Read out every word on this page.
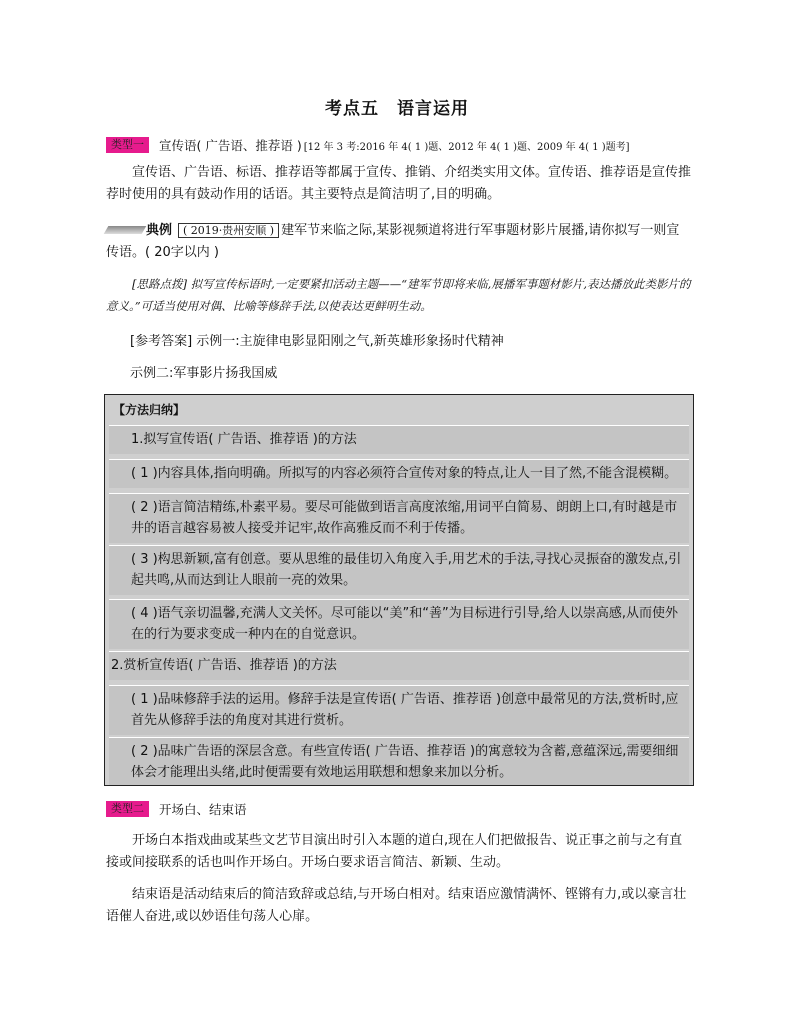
考点五　语言运用
类型一	宣传语( 广告语、推荐语 ) [12 年 3 考:2016 年 4( 1 )题、2012 年 4( 1 )题、2009 年 4( 1 )题考]
宣传语、广告语、标语、推荐语等都属于宣传、推销、介绍类实用文体。宣传语、推荐语是宣传推荐时使用的具有鼓动作用的话语。其主要特点是简洁明了,目的明确。
典例 ( 2019·贵州安顺 ) 建军节来临之际,某影视频道将进行军事题材影片展播,请你拟写一则宣传语。( 20字以内 )
[思路点拨] 拟写宣传标语时,一定要紧扣活动主题——“建军节即将来临,展播军事题材影片,表达播放此类影片的意义。”可适当使用对偶、比喻等修辞手法,以使表达更鲜明生动。
[参考答案] 示例一:主旋律电影显阳刚之气,新英雄形象扬时代精神
示例二:军事影片扬我国威
【方法归纳】
1.拟写宣传语( 广告语、推荐语 )的方法
( 1 )内容具体,指向明确。所拟写的内容必须符合宣传对象的特点,让人一目了然,不能含混模糊。
( 2 )语言简洁精练,朴素平易。要尽可能做到语言高度浓缩,用词平白简易、朗朗上口,有时越是市井的语言越容易被人接受并记牢,故作高雅反而不利于传播。
( 3 )构思新颖,富有创意。要从思维的最佳切入角度入手,用艺术的手法,寻找心灵振奋的激发点,引起共鸣,从而达到让人眼前一亮的效果。
( 4 )语气亲切温馨,充满人文关怀。尽可能以“美”和“善”为目标进行引导,给人以崇高感,从而使外在的行为要求变成一种内在的自觉意识。
2.赏析宣传语( 广告语、推荐语 )的方法
( 1 )品味修辞手法的运用。修辞手法是宣传语( 广告语、推荐语 )创意中最常见的方法,赏析时,应首先从修辞手法的角度对其进行赏析。
( 2 )品味广告语的深层含意。有些宣传语( 广告语、推荐语 )的寓意较为含蓄,意蕴深远,需要细细体会才能理出头绪,此时便需要有效地运用联想和想象来加以分析。
类型二	开场白、结束语
开场白本指戏曲或某些文艺节目演出时引入本题的道白,现在人们把做报告、说正事之前与之有直接或间接联系的话也叫作开场白。开场白要求语言简洁、新颖、生动。
结束语是活动结束后的简洁致辞或总结,与开场白相对。结束语应激情满怀、铿锵有力,或以豪言壮语催人奋进,或以妙语佳句荡人心扉。
